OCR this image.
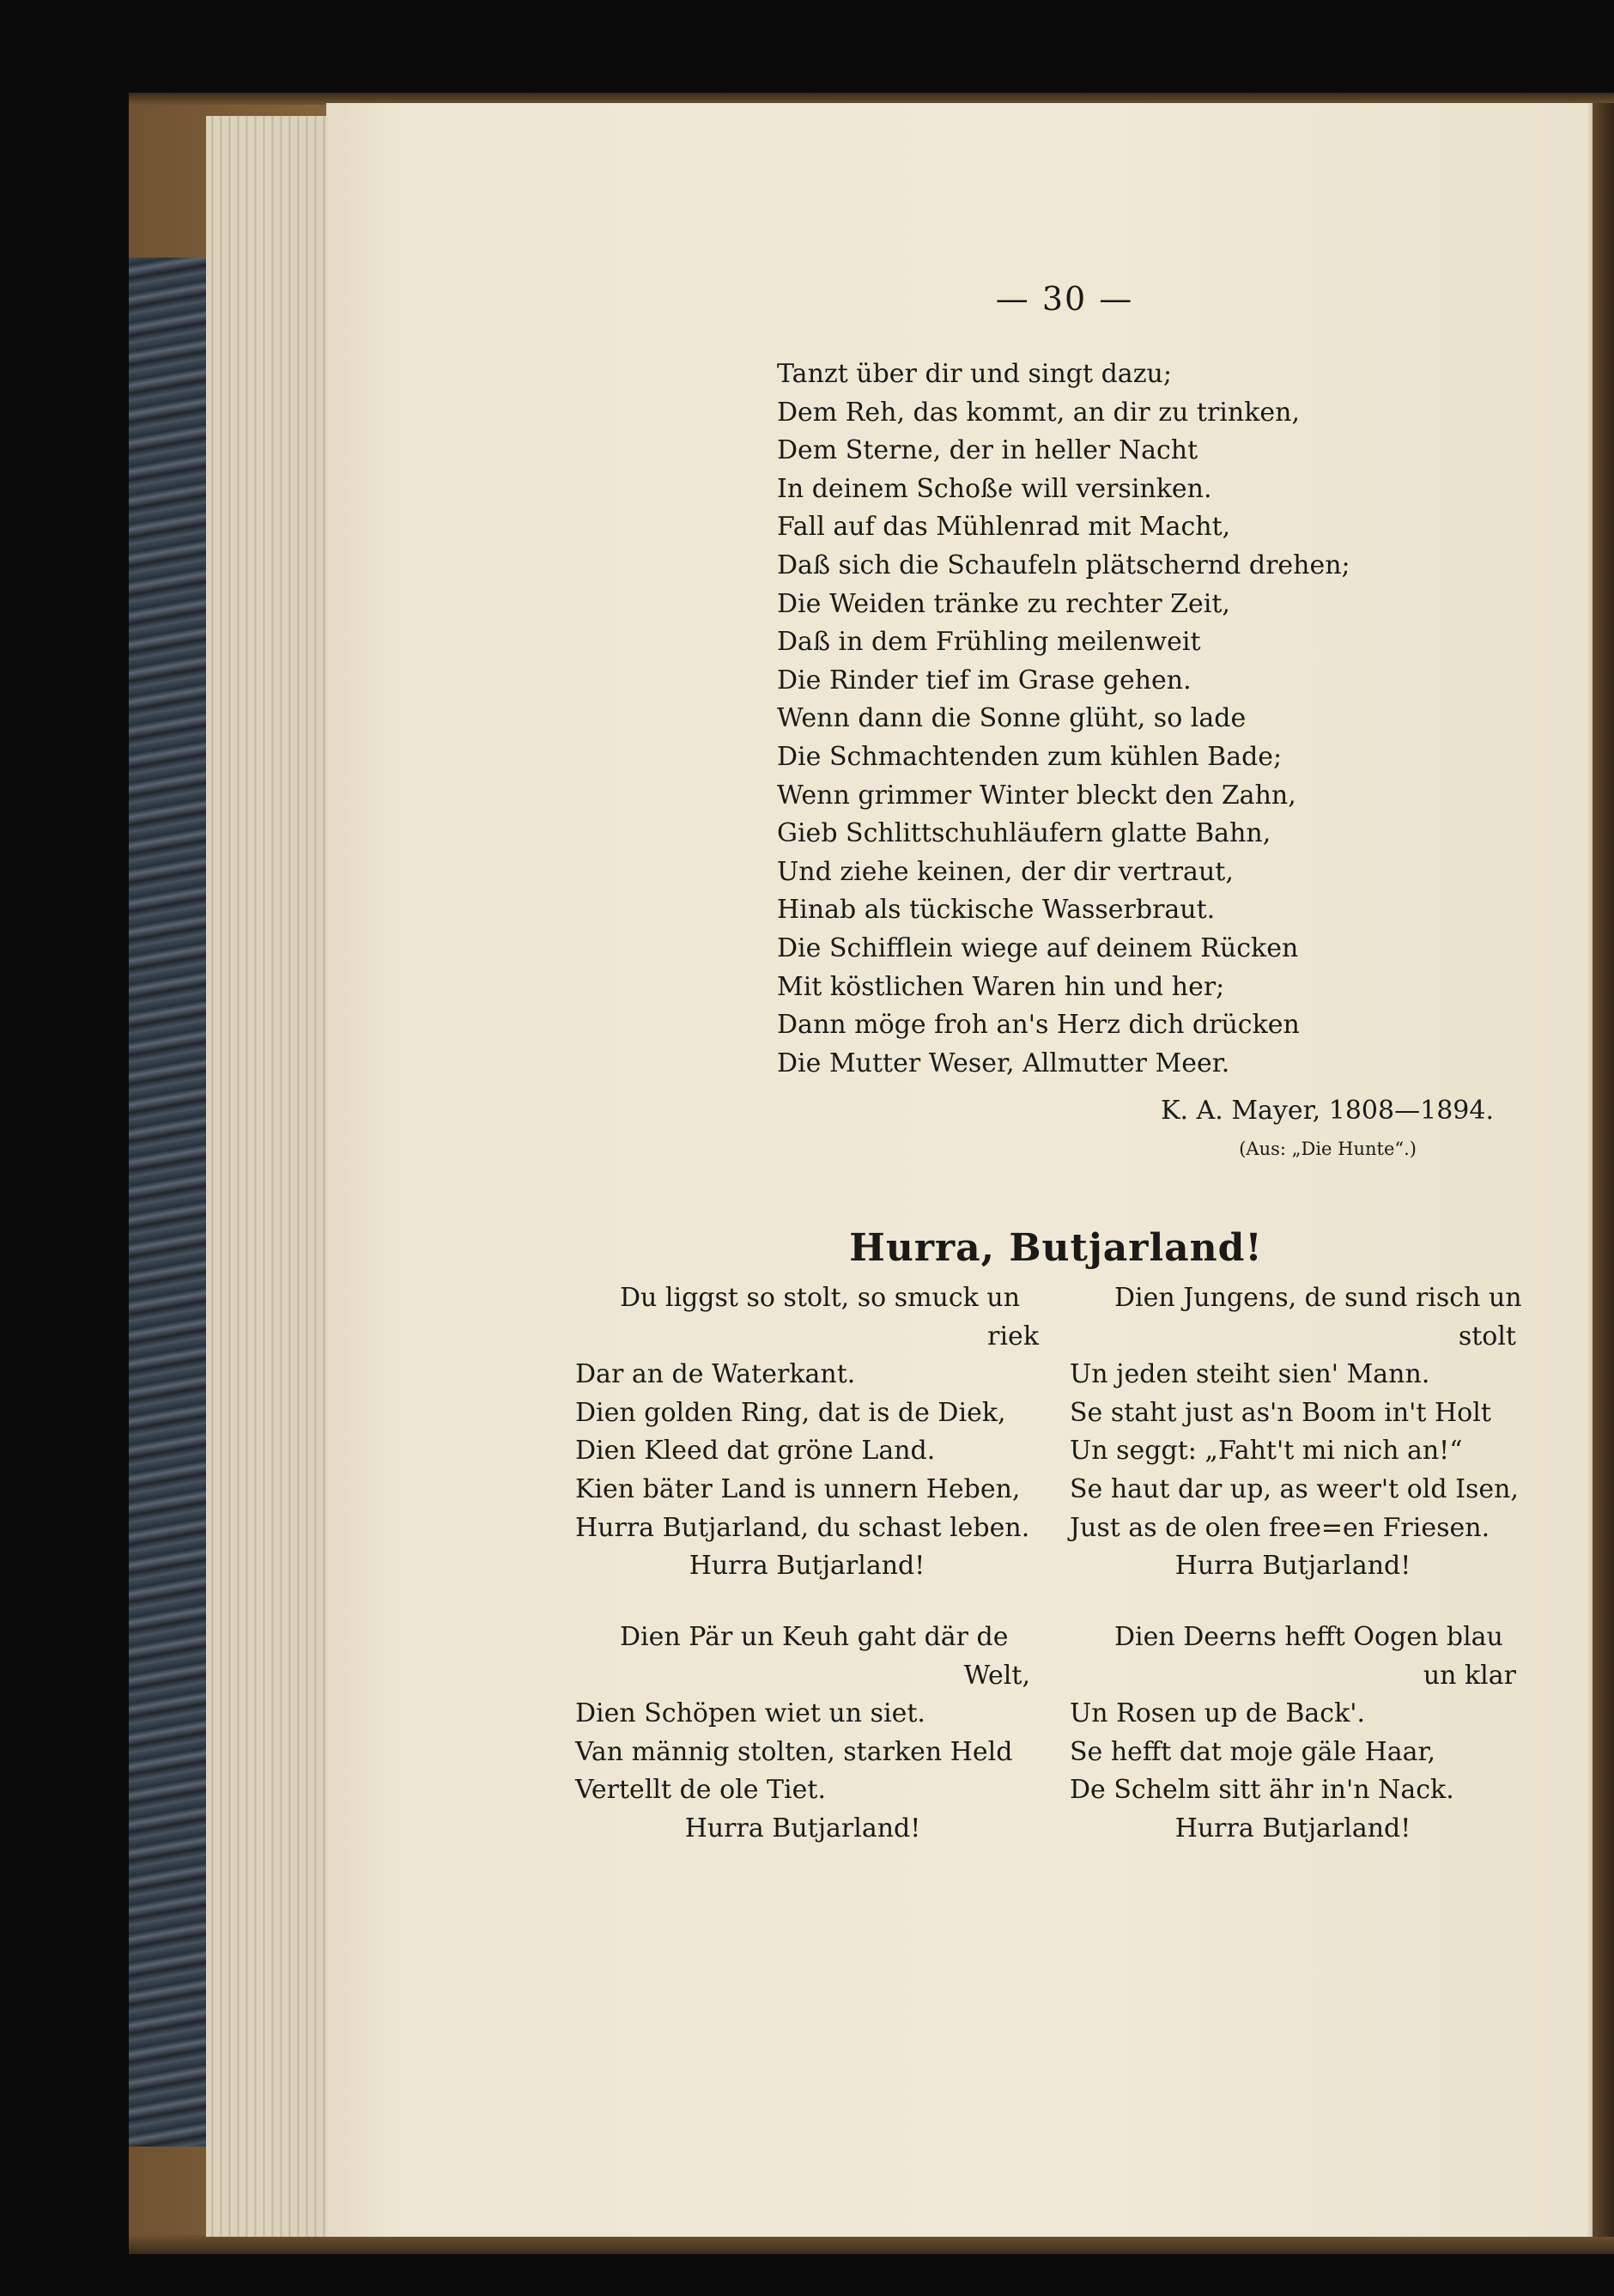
— 30 —
Tanzt über dir und singt dazu;
Dem Reh, das kommt, an dir zu trinken,
Dem Sterne, der in heller Nacht
In deinem Schoße will versinken.
Fall auf das Mühlenrad mit Macht,
Daß sich die Schaufeln plätschernd drehen;
Die Weiden tränke zu rechter Zeit,
Daß in dem Frühling meilenweit
Die Rinder tief im Grase gehen.
Wenn dann die Sonne glüht, so lade
Die Schmachtenden zum kühlen Bade;
Wenn grimmer Winter bleckt den Zahn,
Gieb Schlittschuhläufern glatte Bahn,
Und ziehe keinen, der dir vertraut,
Hinab als tückische Wasserbraut.
Die Schifflein wiege auf deinem Rücken
Mit köstlichen Waren hin und her;
Dann möge froh an's Herz dich drücken
Die Mutter Weser, Allmutter Meer.
K. A. Mayer, 1808—1894.
(Aus: „Die Hunte“.)
Hurra, Butjarland!
Du liggst so stolt, so smuck un
riek
Dar an de Waterkant.
Dien golden Ring, dat is de Diek,
Dien Kleed dat gröne Land.
Kien bäter Land is unnern Heben,
Hurra Butjarland, du schast leben.
Hurra Butjarland!
Dien Jungens, de sund risch un
stolt
Un jeden steiht sien' Mann.
Se staht just as'n Boom in't Holt
Un seggt: „Faht't mi nich an!“
Se haut dar up, as weer't old Isen,
Just as de olen free=en Friesen.
Hurra Butjarland!
Dien Pär un Keuh gaht där de
Welt,
Dien Schöpen wiet un siet.
Van männig stolten, starken Held
Vertellt de ole Tiet.
Hurra Butjarland!
Dien Deerns hefft Oogen blau
un klar
Un Rosen up de Back'.
Se hefft dat moje gäle Haar,
De Schelm sitt ähr in'n Nack.
Hurra Butjarland!
